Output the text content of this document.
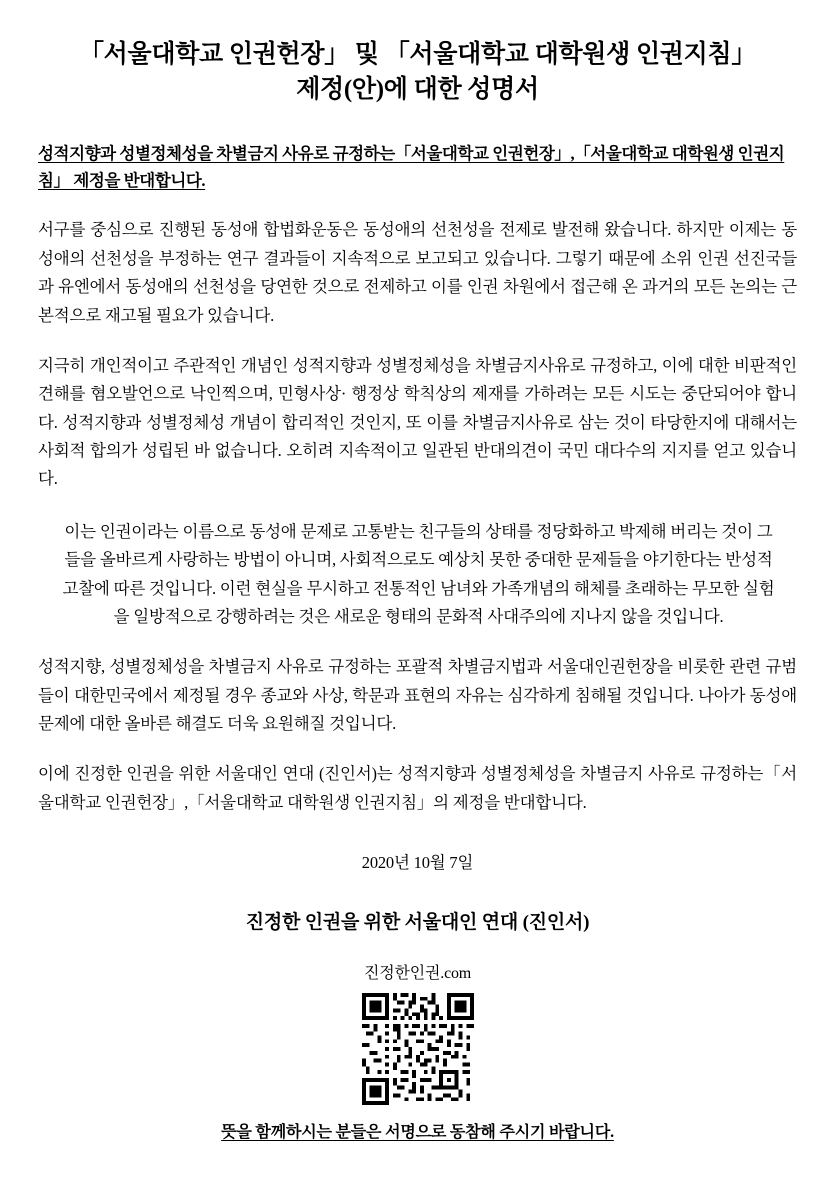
「서울대학교 인권헌장」 및 「서울대학교 대학원생 인권지침」
제정(안)에 대한 성명서
성적지향과 성별정체성을 차별금지 사유로 규정하는「서울대학교 인권헌장」,「서울대학교 대학원생 인권지침」 제정을 반대합니다.

서구를 중심으로 진행된 동성애 합법화운동은 동성애의 선천성을 전제로 발전해 왔습니다. 하지만 이제는 동성애의 선천성을 부정하는 연구 결과들이 지속적으로 보고되고 있습니다. 그렇기 때문에 소위 인권 선진국들과 유엔에서 동성애의 선천성을 당연한 것으로 전제하고 이를 인권 차원에서 접근해 온 과거의 모든 논의는 근본적으로 재고될 필요가 있습니다.

지극히 개인적이고 주관적인 개념인 성적지향과 성별정체성을 차별금지사유로 규정하고, 이에 대한 비판적인 견해를 혐오발언으로 낙인찍으며, 민형사상· 행정상 학칙상의 제재를 가하려는 모든 시도는 중단되어야 합니다. 성적지향과 성별정체성 개념이 합리적인 것인지, 또 이를 차별금지사유로 삼는 것이 타당한지에 대해서는 사회적 합의가 성립된 바 없습니다. 오히려 지속적이고 일관된 반대의견이 국민 대다수의 지지를 얻고 있습니다.

이는 인권이라는 이름으로 동성애 문제로 고통받는 친구들의 상태를 정당화하고 박제해 버리는 것이 그들을 올바르게 사랑하는 방법이 아니며, 사회적으로도 예상치 못한 중대한 문제들을 야기한다는 반성적 고찰에 따른 것입니다. 이런 현실을 무시하고 전통적인 남녀와 가족개념의 해체를 초래하는 무모한 실험을 일방적으로 강행하려는 것은 새로운 형태의 문화적 사대주의에 지나지 않을 것입니다.

성적지향, 성별정체성을 차별금지 사유로 규정하는 포괄적 차별금지법과 서울대인권헌장을 비롯한 관련 규범들이 대한민국에서 제정될 경우 종교와 사상, 학문과 표현의 자유는 심각하게 침해될 것입니다. 나아가 동성애 문제에 대한 올바른 해결도 더욱 요원해질 것입니다.

이에 진정한 인권을 위한 서울대인 연대 (진인서)는 성적지향과 성별정체성을 차별금지 사유로 규정하는「서울대학교 인권헌장」,「서울대학교 대학원생 인권지침」의 제정을 반대합니다.

2020년 10월 7일
진정한 인권을 위한 서울대인 연대 (진인서)
진정한인권.com
뜻을 함께하시는 분들은 서명으로 동참해 주시기 바랍니다.
